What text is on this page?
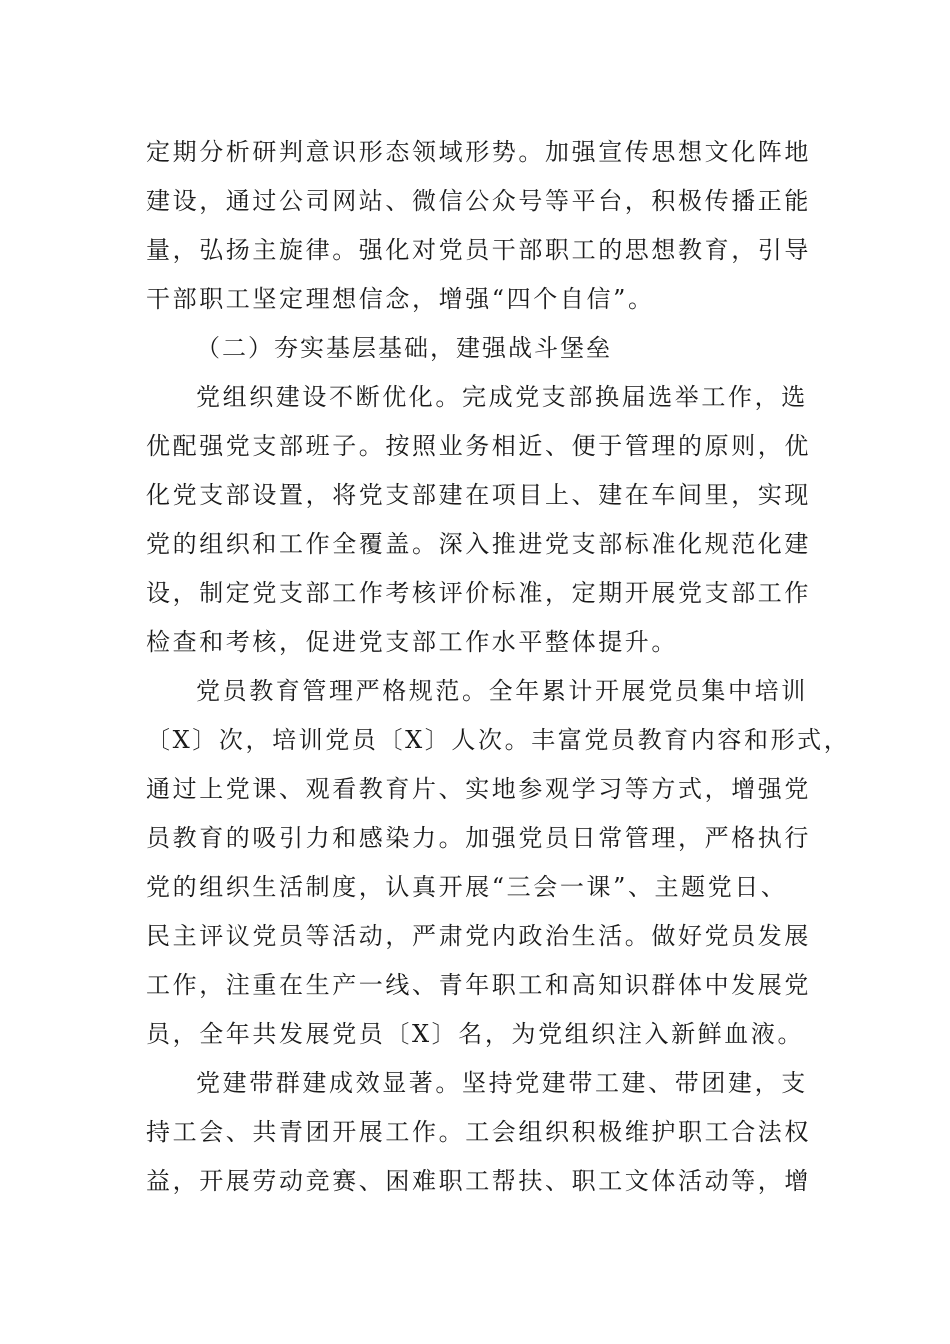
定期分析研判意识形态领域形势。加强宣传思想文化阵地
建设，通过公司网站、微信公众号等平台，积极传播正能
量，弘扬主旋律。强化对党员干部职工的思想教育，引导
干部职工坚定理想信念，增强“四个自信”。
（二）夯实基层基础，建强战斗堡垒
党组织建设不断优化。完成党支部换届选举工作，选
优配强党支部班子。按照业务相近、便于管理的原则，优
化党支部设置，将党支部建在项目上、建在车间里，实现
党的组织和工作全覆盖。深入推进党支部标准化规范化建
设，制定党支部工作考核评价标准，定期开展党支部工作
检查和考核，促进党支部工作水平整体提升。
党员教育管理严格规范。全年累计开展党员集中培训
〔X〕次，培训党员〔X〕人次。丰富党员教育内容和形式，
通过上党课、观看教育片、实地参观学习等方式，增强党
员教育的吸引力和感染力。加强党员日常管理，严格执行
党的组织生活制度，认真开展“三会一课”、主题党日、
民主评议党员等活动，严肃党内政治生活。做好党员发展
工作，注重在生产一线、青年职工和高知识群体中发展党
员，全年共发展党员〔X〕名，为党组织注入新鲜血液。
党建带群建成效显著。坚持党建带工建、带团建，支
持工会、共青团开展工作。工会组织积极维护职工合法权
益，开展劳动竞赛、困难职工帮扶、职工文体活动等，增
